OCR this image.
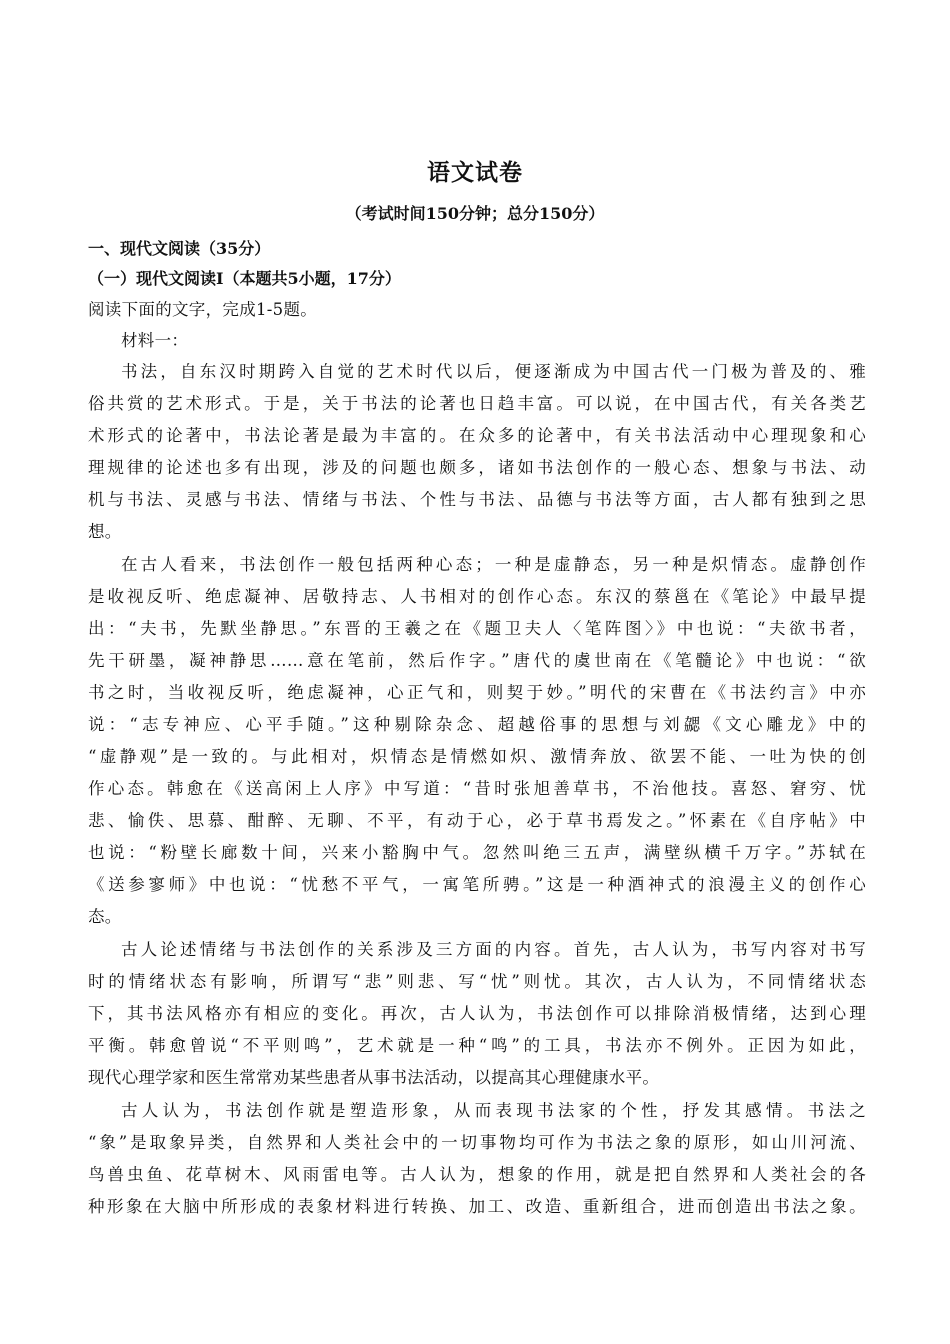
语文试卷
（考试时间150分钟；总分150分）
一、现代文阅读（35分）
（一）现代文阅读Ⅰ（本题共5小题，17分）
阅读下面的文字，完成1-5题。
材料一：
书法，自东汉时期跨入自觉的艺术时代以后，便逐渐成为中国古代一门极为普及的、雅
俗共赏的艺术形式。于是，关于书法的论著也日趋丰富。可以说，在中国古代，有关各类艺
术形式的论著中，书法论著是最为丰富的。在众多的论著中，有关书法活动中心理现象和心
理规律的论述也多有出现，涉及的问题也颇多，诸如书法创作的一般心态、想象与书法、动
机与书法、灵感与书法、情绪与书法、个性与书法、品德与书法等方面，古人都有独到之思
想。
在古人看来，书法创作一般包括两种心态；一种是虚静态，另一种是炽情态。虚静创作
是收视反听、绝虑凝神、居敬持志、人书相对的创作心态。东汉的蔡邕在《笔论》中最早提
出：“夫书，先默坐静思。”东晋的王羲之在《题卫夫人〈笔阵图〉》中也说：“夫欲书者，
先干研墨，凝神静思……意在笔前，然后作字。”唐代的虞世南在《笔髓论》中也说：“欲
书之时，当收视反听，绝虑凝神，心正气和，则契于妙。”明代的宋曹在《书法约言》中亦
说：“志专神应、心平手随。”这种剔除杂念、超越俗事的思想与刘勰《文心雕龙》中的
“虚静观”是一致的。与此相对，炽情态是情燃如炽、激情奔放、欲罢不能、一吐为快的创
作心态。韩愈在《送高闲上人序》中写道：“昔时张旭善草书，不治他技。喜怒、窘穷、忧
悲、愉佚、思慕、酣醉、无聊、不平，有动于心，必于草书焉发之。”怀素在《自序帖》中
也说：“粉壁长廊数十间，兴来小豁胸中气。忽然叫绝三五声，满壁纵横千万字。”苏轼在
《送参寥师》中也说：“忧愁不平气，一寓笔所骋。”这是一种酒神式的浪漫主义的创作心
态。
古人论述情绪与书法创作的关系涉及三方面的内容。首先，古人认为，书写内容对书写
时的情绪状态有影响，所谓写“悲”则悲、写“忧”则忧。其次，古人认为，不同情绪状态
下，其书法风格亦有相应的变化。再次，古人认为，书法创作可以排除消极情绪，达到心理
平衡。韩愈曾说“不平则鸣”，艺术就是一种“鸣”的工具，书法亦不例外。正因为如此，
现代心理学家和医生常常劝某些患者从事书法活动，以提高其心理健康水平。
古人认为，书法创作就是塑造形象，从而表现书法家的个性，抒发其感情。书法之
“象”是取象异类，自然界和人类社会中的一切事物均可作为书法之象的原形，如山川河流、
鸟兽虫鱼、花草树木、风雨雷电等。古人认为，想象的作用，就是把自然界和人类社会的各
种形象在大脑中所形成的表象材料进行转换、加工、改造、重新组合，进而创造出书法之象。
